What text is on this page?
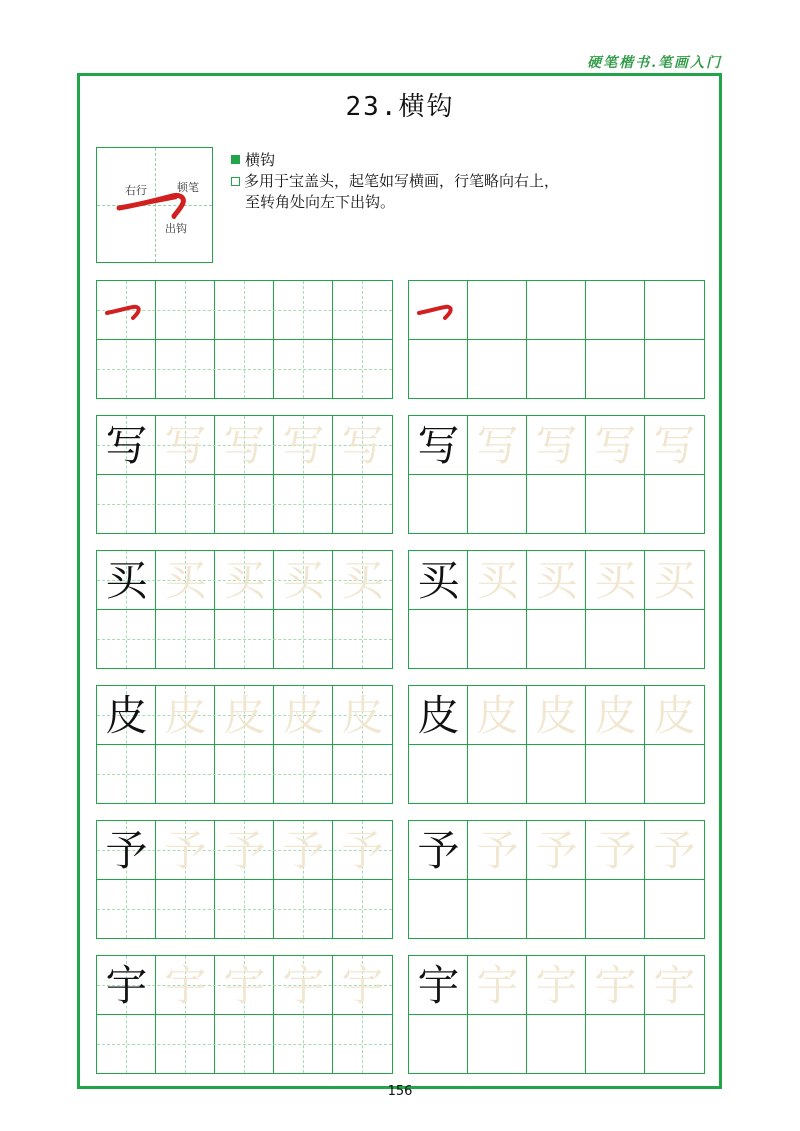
硬笔楷书.笔画入门
23.横钩
右行	顿笔
出钩
横钩
多用于宝盖头，起笔如写横画，行笔略向右上，
至转角处向左下出钩。
写 写 写 写 写 写 写 写 写 写
买 买 买 买 买 买 买 买 买 买
皮 皮 皮 皮 皮 皮 皮 皮 皮 皮
予 予 予 予 予 予 予 予 予 予
宇 宇 宇 宇 宇 宇 宇 宇 宇 宇
156
